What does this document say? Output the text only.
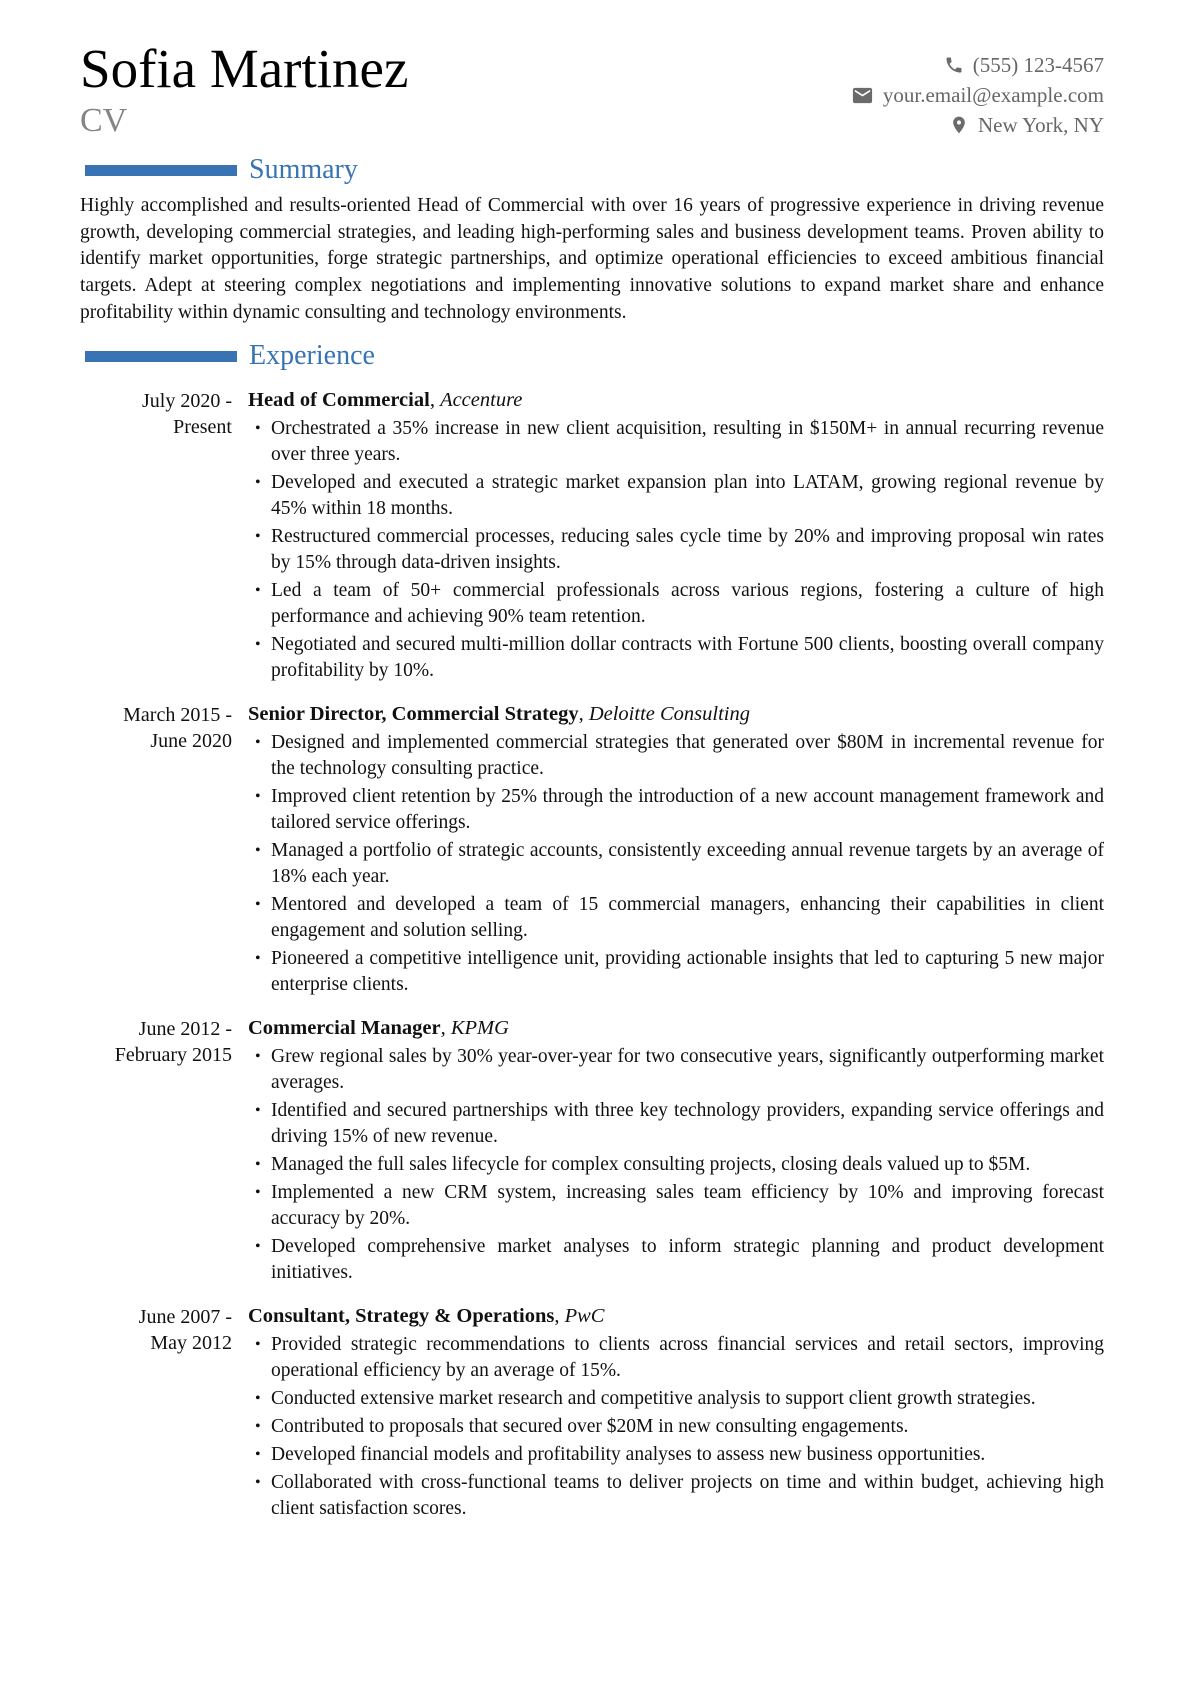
Sofia Martinez
CV
(555) 123-4567
your.email@example.com
New York, NY
Summary

Highly accomplished and results-oriented Head of Commercial with over 16 years of progressive experience in driving revenue growth, developing commercial strategies, and leading high-performing sales and business development teams. Proven ability to identify market opportunities, forge strategic partnerships, and optimize operational efficiencies to exceed ambitious financial targets. Adept at steering complex negotiations and implementing innovative solutions to expand market share and enhance profitability within dynamic consulting and technology environments.

Experience
July 2020 -
Present
Head of Commercial, Accenture
• Orchestrated a 35% increase in new client acquisition, resulting in $150M+ in annual recurring revenue over three years.
• Developed and executed a strategic market expansion plan into LATAM, growing regional revenue by 45% within 18 months.
• Restructured commercial processes, reducing sales cycle time by 20% and improving proposal win rates by 15% through data-driven insights.
• Led a team of 50+ commercial professionals across various regions, fostering a culture of high performance and achieving 90% team retention.
• Negotiated and secured multi-million dollar contracts with Fortune 500 clients, boosting overall company profitability by 10%.
March 2015 -
June 2020
Senior Director, Commercial Strategy, Deloitte Consulting
• Designed and implemented commercial strategies that generated over $80M in incremental revenue for the technology consulting practice.
• Improved client retention by 25% through the introduction of a new account management framework and tailored service offerings.
• Managed a portfolio of strategic accounts, consistently exceeding annual revenue targets by an average of 18% each year.
• Mentored and developed a team of 15 commercial managers, enhancing their capabilities in client engagement and solution selling.
• Pioneered a competitive intelligence unit, providing actionable insights that led to capturing 5 new major enterprise clients.
June 2012 -
February 2015
Commercial Manager, KPMG
• Grew regional sales by 30% year-over-year for two consecutive years, significantly outperforming market averages.
• Identified and secured partnerships with three key technology providers, expanding service offerings and driving 15% of new revenue.
• Managed the full sales lifecycle for complex consulting projects, closing deals valued up to $5M.
• Implemented a new CRM system, increasing sales team efficiency by 10% and improving forecast accuracy by 20%.
• Developed comprehensive market analyses to inform strategic planning and product development initiatives.
June 2007 -
May 2012
Consultant, Strategy & Operations, PwC
• Provided strategic recommendations to clients across financial services and retail sectors, improving operational efficiency by an average of 15%.
• Conducted extensive market research and competitive analysis to support client growth strategies.
• Contributed to proposals that secured over $20M in new consulting engagements.
• Developed financial models and profitability analyses to assess new business opportunities.
• Collaborated with cross-functional teams to deliver projects on time and within budget, achieving high client satisfaction scores.
